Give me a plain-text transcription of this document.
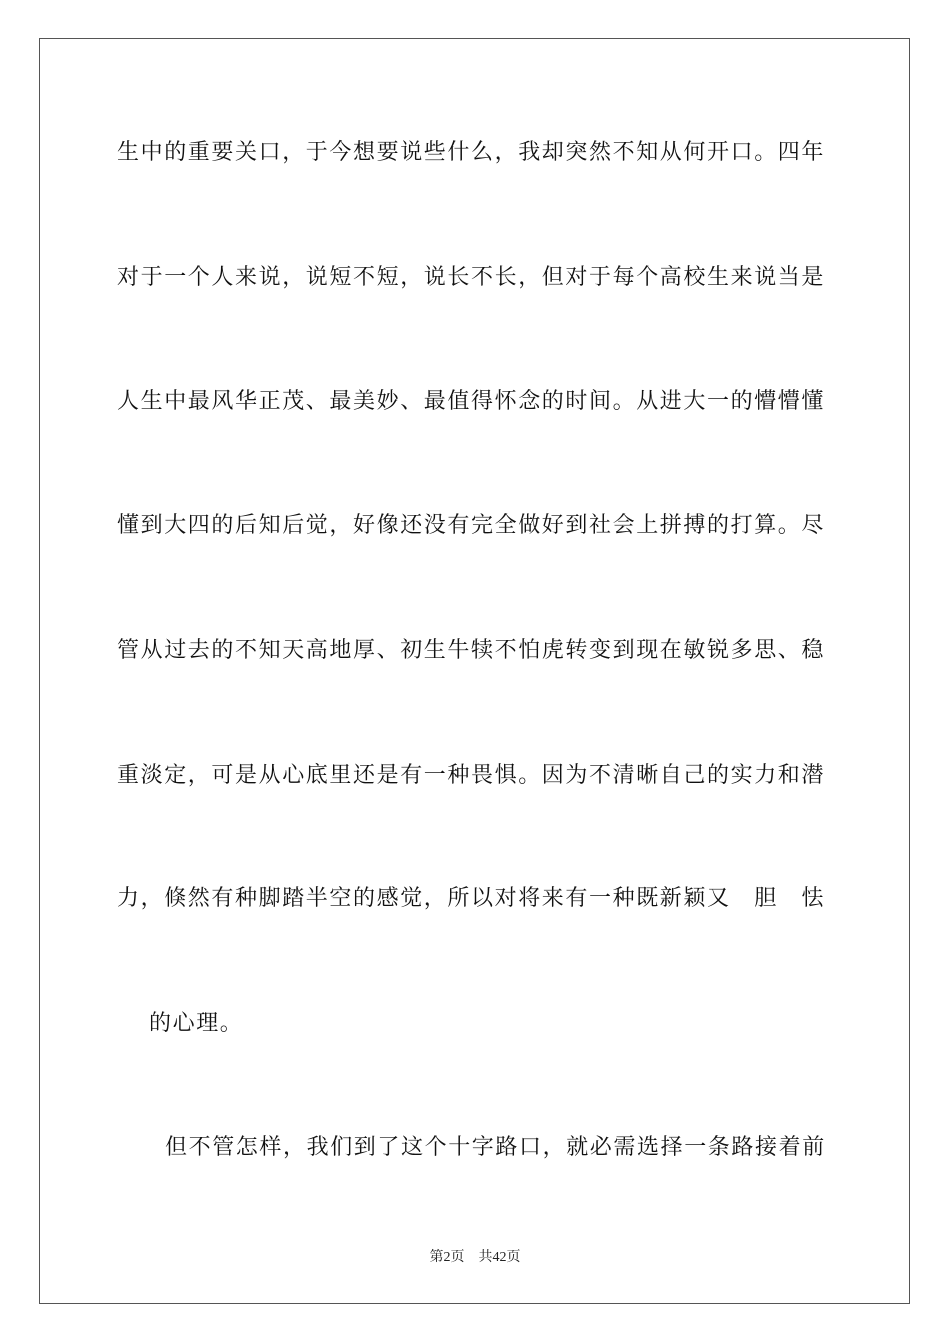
生中的重要关口，于今想要说些什么，我却突然不知从何开口。四年
对于一个人来说，说短不短，说长不长，但对于每个高校生来说当是
人生中最风华正茂、最美妙、最值得怀念的时间。从进大一的懵懵懂
懂到大四的后知后觉，好像还没有完全做好到社会上拼搏的打算。尽
管从过去的不知天高地厚、初生牛犊不怕虎转变到现在敏锐多思、稳
重淡定，可是从心底里还是有一种畏惧。因为不清晰自己的实力和潜
力，倏然有种脚踏半空的感觉，所以对将来有一种既新颖又　胆　怯
的心理。
但不管怎样，我们到了这个十字路口，就必需选择一条路接着前
第2页 共42页
